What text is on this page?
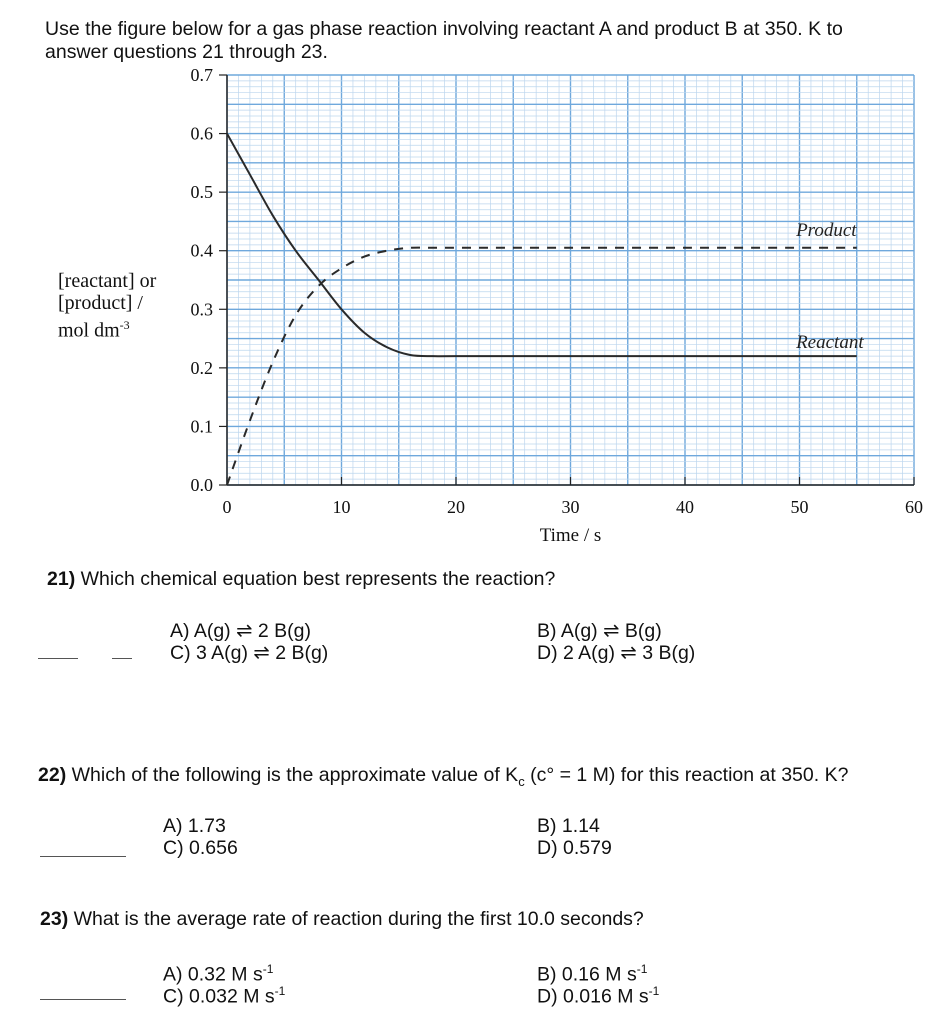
Use the figure below for a gas phase reaction involving reactant A and product B at 350. K to
answer questions 21 through 23.
[reactant] or
[product] /
mol $dm^{-3}$
0.0
0.1
0.2
0.3
0.4
0.5
0.6
0.7
0	10	20	30	40	50	60
Time / s
Product
Reactant
21) Which chemical equation best represents the reaction?
A) A(g) ⇌ 2 B(g)
C) 3 A(g) ⇌ 2 B(g)
B) A(g) ⇌ B(g)
D) 2 A(g) ⇌ 3 B(g)
22) Which of the following is the approximate value of $K_c$ (c° = 1 M) for this reaction at 350. K?
A) 1.73
C) 0.656
B) 1.14
D) 0.579
23) What is the average rate of reaction during the first 10.0 seconds?
A) 0.32 M $s^{-1}$
C) 0.032 M $s^{-1}$
B) 0.16 M $s^{-1}$
D) 0.016 M $s^{-1}$
